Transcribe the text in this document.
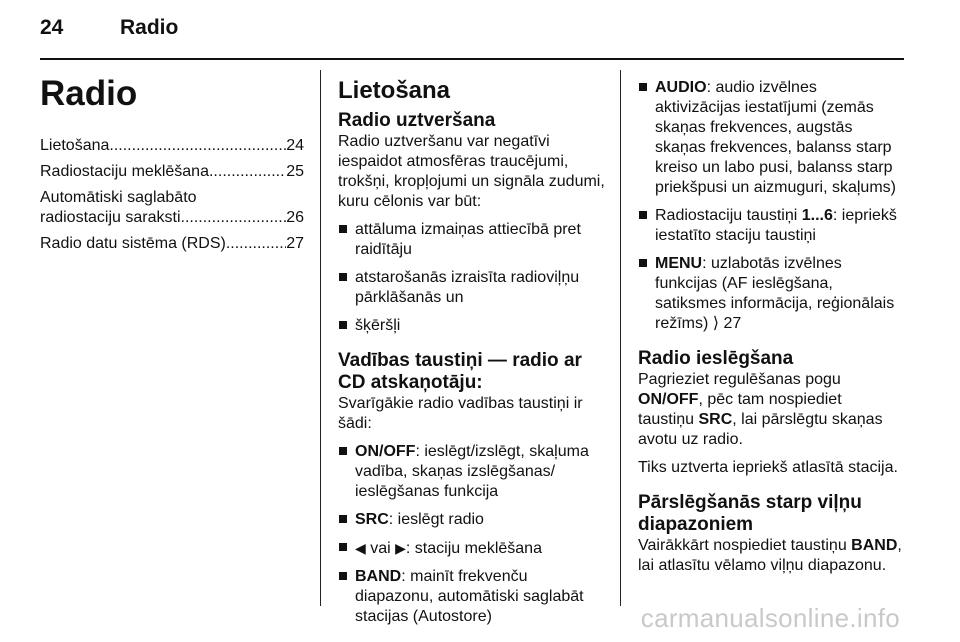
24	Radio
Radio
Lietošana .....	24
Radiostaciju meklēšana .....	25
Automātiski saglabāto
radiostaciju saraksti .....	26
Radio datu sistēma (RDS) .....	27
Lietošana
Radio uztveršana

Radio uztveršanu var negatīvi iespaidot atmosfēras traucējumi, trokšņi, kropļojumi un signāla zudumi, kuru cēlonis var būt:

attāluma izmaiņas attiecībā pret raidītāju
atstarošanās izraisīta radioviļņu pārklāšanās un
šķēršļi
Vadības taustiņi — radio ar CD atskaņotāju:

Svarīgākie radio vadības taustiņi ir šādi:

ON/OFF: ieslēgt/izslēgt, skaļuma vadība, skaņas izslēgšanas/ ieslēgšanas funkcija
SRC: ieslēgt radio
◀ vai ▶: staciju meklēšana
BAND: mainīt frekvenču diapazonu, automātiski saglabāt stacijas (Autostore)
AUDIO: audio izvēlnes aktivizācijas iestatījumi (zemās skaņas frekvences, augstās skaņas frekvences, balanss starp kreiso un labo pusi, balanss starp priekšpusi un aizmuguri, skaļums)
Radiostaciju taustiņi 1...6: iepriekš iestatīto staciju taustiņi
MENU: uzlabotās izvēlnes funkcijas (AF ieslēgšana, satiksmes informācija, reģionālais režīms) ⟩ 27
Radio ieslēgšana

Pagrieziet regulēšanas pogu ON/OFF, pēc tam nospiediet taustiņu SRC, lai pārslēgtu skaņas avotu uz radio.

Tiks uztverta iepriekš atlasītā stacija.

Pārslēgšanās starp viļņu diapazoniem

Vairākkārt nospiediet taustiņu BAND, lai atlasītu vēlamo viļņu diapazonu.

carmanualsonline.info
